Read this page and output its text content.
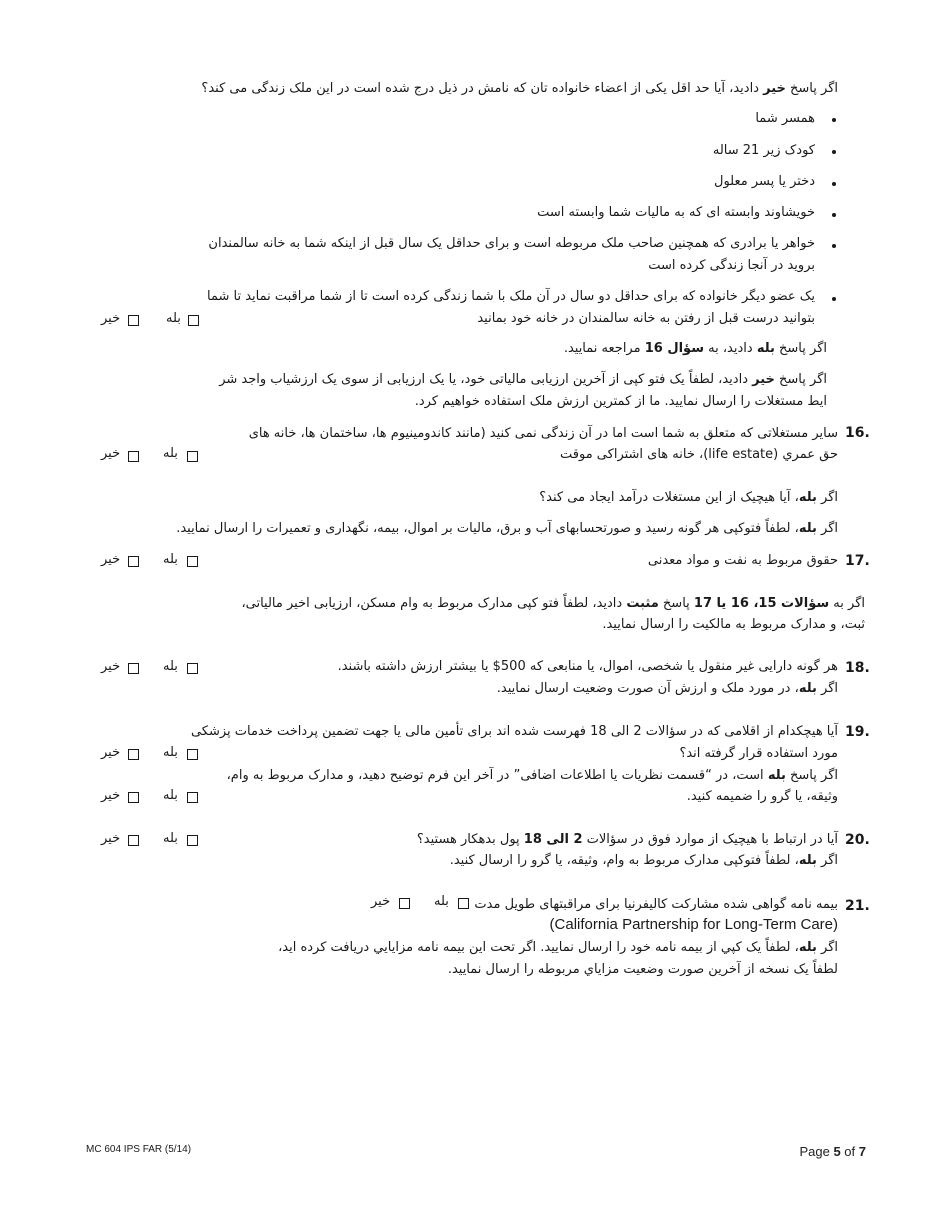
اگر پاسخ خیر دادید، آیا حد اقل یکی از اعضاء خانواده تان که نامش در ذیل درج شده است در این ملک زندگی می کند؟
همسر شما
کودک زیر 21 ساله
دختر یا پسر معلول
خویشاوند وابسته ای که به مالیات شما وابسته است
خواهر یا برادری که همچنین صاحب ملک مربوطه است و برای حداقل یک سال قبل از اینکه شما به خانه سالمندان
بروید در آنجا زندگی کرده است
یک عضو دیگر خانواده که برای حداقل دو سال در آن ملک با شما زندگی کرده است تا از شما مراقبت نماید تا شما
بتوانید درست قبل از رفتن به خانه سالمندان در خانه خود بمانید
بله
خیر
اگر پاسخ بله دادید، به سؤال 16 مراجعه نمایید.
اگر پاسخ خیر دادید، لطفاً یک فتو کپی از آخرین ارزیابی مالیاتی خود، یا یک ارزیابی از سوی یک ارزشیاب واجد شر
ایط مستغلات را ارسال نمایید. ما از کمترین ارزش ملک استفاده خواهیم کرد.
16.
سایر مستغلاتی که متعلق به شما است اما در آن زندگی نمی کنید (مانند کاندومینیوم ها، ساختمان ها، خانه های
حق عمري (life estate)، خانه های اشتراکی موقت
بله
خیر
اگر بله، آیا هیچیک از این مستغلات درآمد ایجاد می کند؟
اگر بله، لطفاً فتوکپی هر گونه رسید و صورتحسابهای آب و برق، مالیات بر اموال، بیمه، نگهداری و تعمیرات را ارسال نمایید.
17.
حقوق مربوط به نفت و مواد معدنی
بله
خیر
اگر به سؤالات 15، 16 یا 17 پاسخ مثبت دادید، لطفاً فتو کپی مدارک مربوط به وام مسکن، ارزیابی اخیر مالیاتی،
ثبت، و مدارک مربوط به مالکیت را ارسال نمایید.
18.
هر گونه دارایی غیر منقول یا شخصی، اموال، یا منابعی که $500 یا بیشتر ارزش داشته باشند.
اگر بله، در مورد ملک و ارزش آن صورت وضعیت ارسال نمایید.
بله
خیر
19.
آیا هیچکدام از اقلامی که در سؤالات 2 الی 18 فهرست شده اند برای تأمین مالی یا جهت تضمین پرداخت خدمات پزشکی
مورد استفاده قرار گرفته اند؟
بله
خیر
اگر پاسخ بله است، در “قسمت نظریات یا اطلاعات اضافی” در آخر این فرم توضیح دهید، و مدارک مربوط به وام،
وثیقه، یا گرو را ضمیمه کنید.
بله
خیر
20.
آیا در ارتباط با هیچیک از موارد فوق در سؤالات 2 الی 18 پول بدهکار هستید؟
اگر بله، لطفاً فتوکپی مدارک مربوط به وام، وثیقه، یا گرو را ارسال کنید.
بله
خیر
21.
بیمه نامه گواهی شده مشارکت کالیفرنیا برای مراقبتهای طویل مدت
بله
خیر
(California Partnership for Long-Term Care)
اگر بله، لطفاً یک کپي از بیمه نامه خود را ارسال نمایید. اگر تحت این بیمه نامه مزایایي دریافت کرده اید،
لطفاً یک نسخه از آخرین صورت وضعیت مزایاي مربوطه را ارسال نمایید.
MC 604 IPS FAR (5/14)	Page 5 of 7
